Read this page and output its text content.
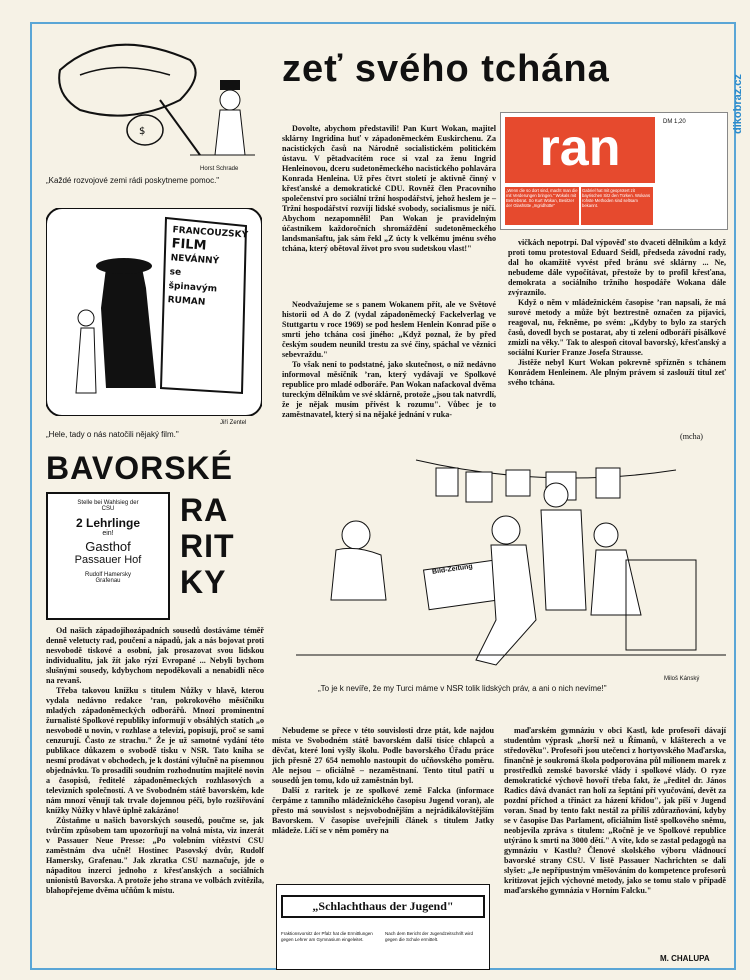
dikobraz.cz
$
Horst Schrade
„Každé rozvojové zemi rádi poskytneme pomoc."
FRANCOUZSKÝ
FILM
NEVÁNNÝ
se
špinavým
RUMAN
Jiří Zentel
„Hele, tady o nás natočili nějaký film."
BAVORSKÉ
RA
RIT
KY
Stelle bei Wahlsieg der
CSU
2 Lehrlinge
ein!
Gasthof
Passauer Hof
Rudolf Hamersky
Grafenau
zeť svého tchána
ran	DM 1,20
„Wenn die so dort sind, macht man die mit Verderungen bringen." Wokals mit Betriebsrat. So Kurt Wokan, Besitzer der Glashütte „Ingridhütte"
Gabriel hat mit geoprotert zit bayrischen Sitz den Türken. Wokans rohste Methoden sind seltsam bekannt.

Dovolte, abychom představili! Pan Kurt Wokan, majitel sklárny Ingridina huť v západoněmeckém Euskirchenu. Za nacistických časů na Národně socialistickém politickém ústavu. V pětadvacítém roce si vzal za ženu Ingrid Henleinovou, dceru sudetoněmeckého nacistického pohlavára Konrada Henleina. Už přes čtvrt století je aktivně činný v křesťanské a demokratické CDU. Rovněž člen Pracovního společenství pro sociální tržní hospodářství, jehož heslem je – Tržní hospodářství rozvíjí lidské svobody, socialismus je ničí. Abychom nezapomněli! Pan Wokan je pravidelným účastníkem každoročních shromáždění sudetoněmeckého landsmanšaftu, jak sám řekl „Z úcty k velkému jménu svého tchána, který obětoval život pro svou sudetskou vlast!"

Neodvažujeme se s panem Wokanem přít, ale ve Světové historii od A do Z (vydal západoněmecký Fackelverlag ve Stuttgartu v roce 1969) se pod heslem Henlein Konrad píše o smrti jeho tchána cosi jiného: „Když poznal, že by před českým soudem neunikl trestu za své činy, spáchal ve věznici sebevraždu."

To však není to podstatné, jako skutečnost, o níž nedávno informoval měsíčník ’ran, který vydávají ve Spolkové republice pro mladé odboráře. Pan Wokan nafackoval dvěma tureckým dělníkům ve své sklárně, protože „jsou tak natvrdlí, že je nějak musím přivést k rozumu". Vůbec je to zaměstnavatel, který si na nějaké jednání v ruka-

vičkách nepotrpí. Dal výpověď sto dvaceti dělníkům a když proti tomu protestoval Eduard Seidl, předseda závodní rady, dal ho okamžitě vyvést před bránu své sklárny ... Ne, nebudeme dále vypočítávat, přestože by to profil křesťana, demokrata a sociálního tržního hospodáře Wokana dále zvýraznilo.

Když o něm v mládežnickém časopise ’ran napsali, že má surové metody a může být beztrestně označen za pijavici, reagoval, nu, řekněme, po svém: „Kdyby to bylo za starých časů, dovedl bych se postarat, aby ti zelení odboráři pisálkové zmizli na věky." Tak to alespoň citoval bavorský, křesťanský a sociální Kurier Franze Josefa Strausse.

Jistěže nebyl Kurt Wokan pokrevně spřízněn s tchánem Konrádem Henleinem. Ale plným právem si zaslouží titul zeť svého tchána.

(mcha)
Bild-Zeitung
Miloš Kánský
„To je k nevíře, že my Turci máme v NSR tolik lidských práv, a ani o nich nevíme!"

Od našich západojihozápadních sousedů dostáváme téměř denně veletucty rad, poučení a nápadů, jak a nás bojovat proti nesvobodě tiskové a osobní, jak prosazovat svou lidskou individualitu, jak žít jako rýzí Evropané ... Nebyli bychom slušnými sousedy, kdybychom nepoděkovali a nenabídli něco na revanš.

Třeba takovou knížku s titulem Nůžky v hlavě, kterou vydala nedávno redakce ’ran, pokrokového měsíčníku mladých západoněmeckých odborářů. Mnozí prominentní žurnalisté Spolkové republiky informují v obsáhlých statích „o nesvobodě u novin, v rozhlase a televizi, popisují, proč se sami cenzurují. Často ze strachu." Že je už samotné vydání této publikace důkazem o svobodě tisku v NSR. Tato kniha se nesmí prodávat v obchodech, je k dostání výlučně na písemnou objednávku. To prosadili soudním rozhodnutím majitelé novin a časopisů, ředitelé západoněmeckých rozhlasových a televizních společností. A ve Svobodném státě bavorském, kde nám mnozí věnují tak trvale dojemnou péči, bylo rozšiřování knížky Nůžky v hlavě úplně zakázáno!

Zůstaňme u našich bavorských sousedů, poučme se, jak tvůrčím způsobem tam upozorňují na volná místa, viz inzerát v Passauer Neue Presse: „Po volebním vítězství CSU zaměstnám dva učně! Hostinec Pasovský dvůr, Rudolf Hamersky, Grafenau." Jak zkratka CSU naznačuje, jde o nápaditou inzerci jednoho z křesťanských a sociálních unionistů Bavorska. A protože jeho strana ve volbách zvítězila, blahopřejeme dvěma učňům k místu.

Nebudeme se přece v této souvislosti drze ptát, kde najdou místa ve Svobodném státě bavorském další tisíce chlapců a děvčat, které loni vyšly školu. Podle bavorského Úřadu práce jich přesně 27 654 nemohlo nastoupit do učňovského poměru. Ale nejsou – oficiálně – nezaměstnaní. Tento titul patří u sousedů jen tomu, kdo už zaměstnán byl.

Další z raritek je ze spolkové země Falcka (informace čerpáme z tamního mládežnického časopisu Jugend voran), ale přesto má souvislost s nejsvobodnějším a nejrádikálovštějším Bavorskem. V časopise uveřejnili článek s titulem Jatky mládeže. Líčí se v něm poměry na

maďarském gymnáziu v obci Kastl, kde profesoři dávají studentům výprask „horší než u Římanů, v klášterech a ve středověku". Profesoři jsou utečenci z hortyovského Maďarska, finančně je soukromá škola podporována půl milionem marek z prostředků zemské bavorské vlády i spolkové vlády. O ryze demokratické výchově hovoří třeba fakt, že „ředitel dr. János Radics dává dvanáct ran holí za šeptání při vyučování, devět za pozdní příchod a třináct za házení křídou", jak píší v Jugend voran. Snad by tento fakt nestál za příliš zdůrazňování, kdyby se v časopise Das Parlament, oficiálním listě spolkového sněmu, neobjevila zpráva s titulem: „Ročně je ve Spolkové republice utýráno k smrti na 3000 dětí." A víte, kdo se zastal pedagogů na gymnáziu v Kastlu? Členové skolského výboru vládnoucí bavorské strany CSU. V listě Passauer Nachrichten se dali slyšet: „Je nepřípustným vměšováním do kompetence profesorů kritizovat jejich výchovné metody, jako se tomu stalo v případě maďarského gymnázia v Horním Falcku."

M. CHALUPA
„Schlachthaus der Jugend"
Fraktionsvorsitz der Pfalz hat die Ermittlungen gegen Lehrer am Gymnasium eingeleitet.
Nach dem Bericht der Jugendzeitschrift wird gegen die Schule ermittelt.
